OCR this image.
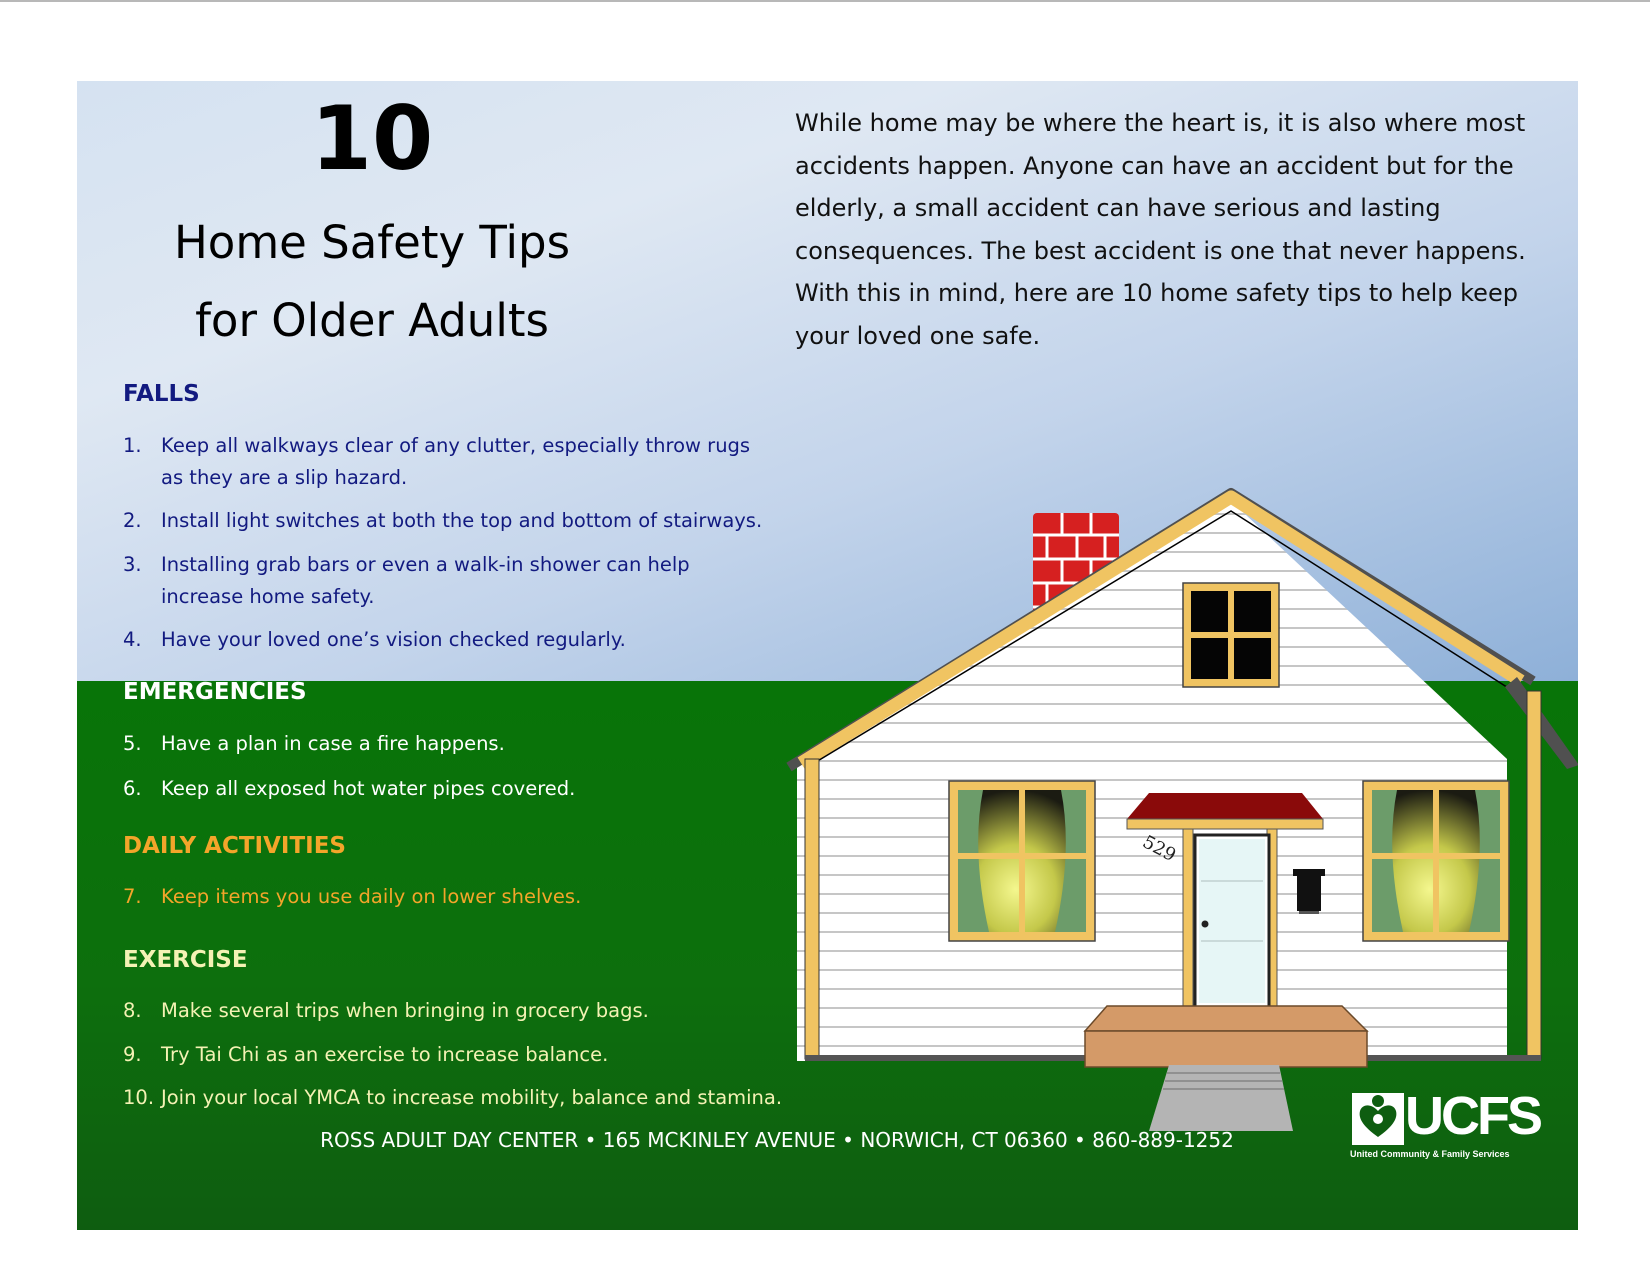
10
Home Safety Tips
for Older Adults

While home may be where the heart is, it is also where most accidents happen. Anyone can have an accident but for the elderly, a small accident can have serious and lasting consequences. The best accident is one that never happens. With this in mind, here are 10 home safety tips to help keep your loved one safe.

FALLS
1. Keep all walkways clear of any clutter, especially throw rugs as they are a slip hazard.
2. Install light switches at both the top and bottom of stairways.
3. Installing grab bars or even a walk-in shower can help increase home safety.
4. Have your loved one’s vision checked regularly.
EMERGENCIES
5. Have a plan in case a fire happens.
6. Keep all exposed hot water pipes covered.
DAILY ACTIVITIES
7. Keep items you use daily on lower shelves.
EXERCISE
8. Make several trips when bringing in grocery bags.
9. Try Tai Chi as an exercise to increase balance.
10. Join your local YMCA to increase mobility, balance and stamina.
529
ROSS ADULT DAY CENTER • 165 MCKINLEY AVENUE • NORWICH, CT 06360 • 860-889-1252	UCFS
United Community & Family Services
